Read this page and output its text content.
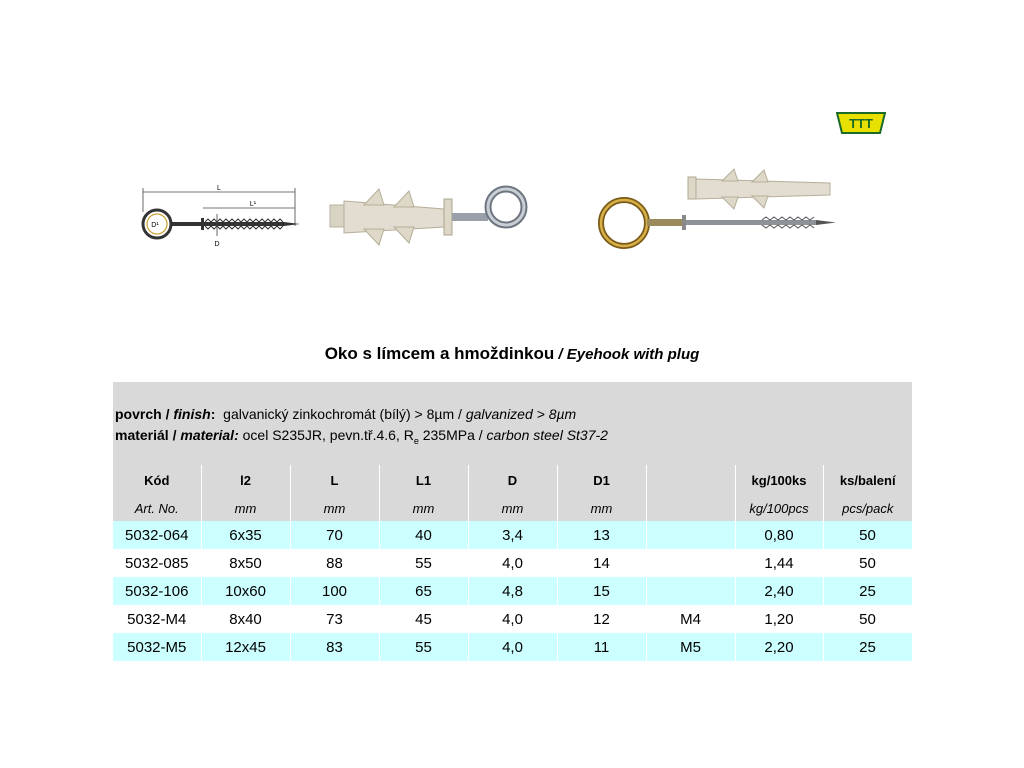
TTT
L
L¹
D¹
D
Oko s límcem a hmoždinkou / Eyehook with plug
povrch / finish:  galvanický zinkochromát (bílý) > 8µm / galvanized > 8µm
materiál / material: ocel S235JR, pevn.tř.4.6, $R_e$ 235MPa / carbon steel St37-2
Kód	l2	L	L1	D	D1		kg/100ks	ks/balení
Art. No.	mm	mm	mm	mm	mm		kg/100pcs	pcs/pack
5032-064	6x35	70	40	3,4	13		0,80	50
5032-085	8x50	88	55	4,0	14		1,44	50
5032-106	10x60	100	65	4,8	15		2,40	25
5032-M4	8x40	73	45	4,0	12	M4	1,20	50
5032-M5	12x45	83	55	4,0	11	M5	2,20	25
